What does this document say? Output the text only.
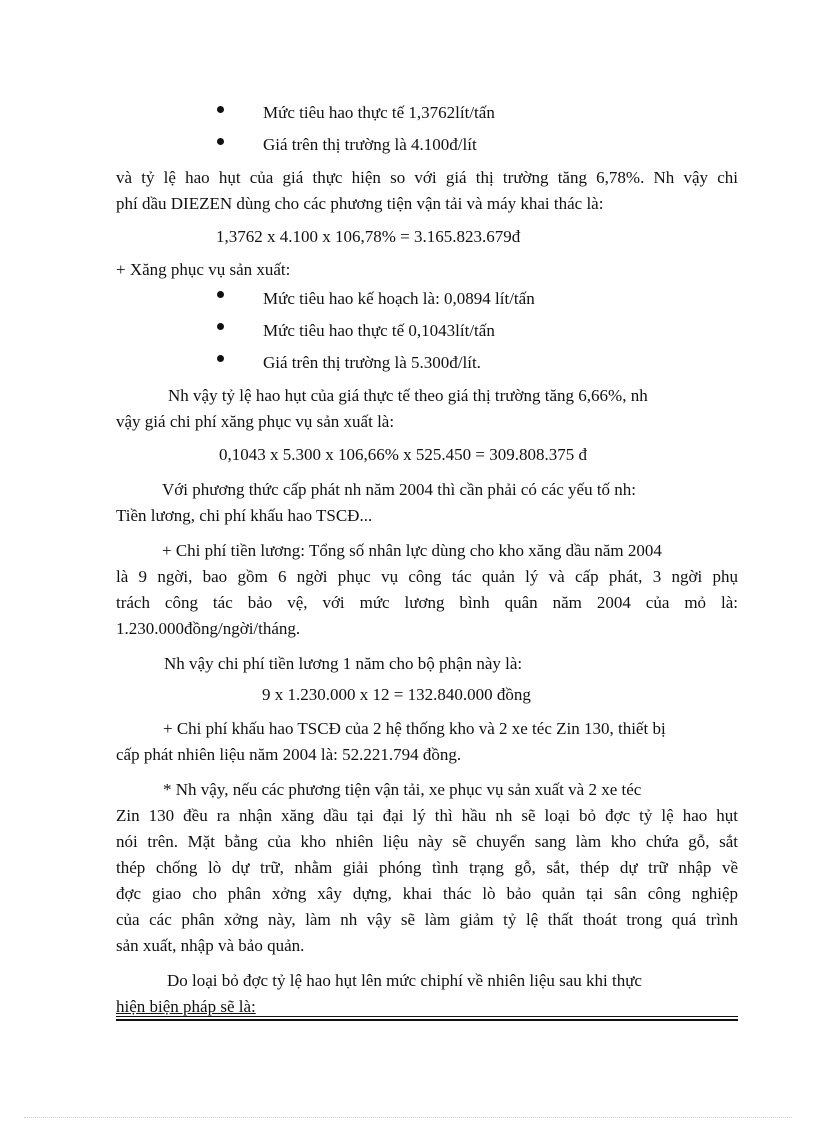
Mức tiêu hao thực tế 1,3762lít/tấn
Giá trên thị trường là 4.100đ/lít
và tỷ lệ hao hụt của giá thực hiện so với giá thị trường tăng 6,78%. Nh vậy chi
phí dầu DIEZEN dùng cho các phương tiện vận tải và máy khai thác là:
1,3762 x 4.100 x 106,78% = 3.165.823.679đ
+ Xăng phục vụ sản xuất:
Mức tiêu hao kế hoạch là: 0,0894 lít/tấn
Mức tiêu hao thực tế 0,1043lít/tấn
Giá trên thị trường là 5.300đ/lít.
Nh vậy tỷ lệ hao hụt của giá thực tế theo giá thị trường tăng 6,66%, nh
vậy giá chi phí xăng phục vụ sản xuất là:
0,1043 x 5.300 x 106,66% x 525.450 = 309.808.375 đ
Với phương thức cấp phát nh năm 2004 thì cần phải có các yếu tố nh:
Tiền lương, chi phí khấu hao TSCĐ...
+ Chi phí tiền lương: Tổng số nhân lực dùng cho kho xăng dầu năm 2004
là 9 ngời, bao gồm 6 ngời phục vụ công tác quản lý và cấp phát, 3 ngời phụ
trách công tác bảo vệ, với mức lương bình quân năm 2004 của mỏ là:
1.230.000đồng/ngời/tháng.
Nh vậy chi phí tiền lương 1 năm cho bộ phận này là:
9 x 1.230.000 x 12 = 132.840.000 đồng
+ Chi phí khấu hao TSCĐ của 2 hệ thống kho và 2 xe téc Zin 130, thiết bị
cấp phát nhiên liệu năm 2004 là: 52.221.794 đồng.
* Nh vậy, nếu các phương tiện vận tải, xe phục vụ sản xuất và 2 xe téc
Zin 130 đều ra nhận xăng dầu tại đại lý thì hầu nh sẽ loại bỏ đợc tỷ lệ hao hụt
nói trên. Mặt bằng của kho nhiên liệu này sẽ chuyển sang làm kho chứa gỗ, sắt
thép chống lò dự trữ, nhằm giải phóng tình trạng gỗ, sắt, thép dự trữ nhập về
đợc giao cho phân xởng xây dựng, khai thác lò bảo quản tại sân công nghiệp
của các phân xởng này, làm nh vậy sẽ làm giảm tỷ lệ thất thoát trong quá trình
sản xuất, nhập và bảo quản.
Do loại bỏ đợc tỷ lệ hao hụt lên mức chiphí về nhiên liệu sau khi thực
hiện biện pháp sẽ là:
